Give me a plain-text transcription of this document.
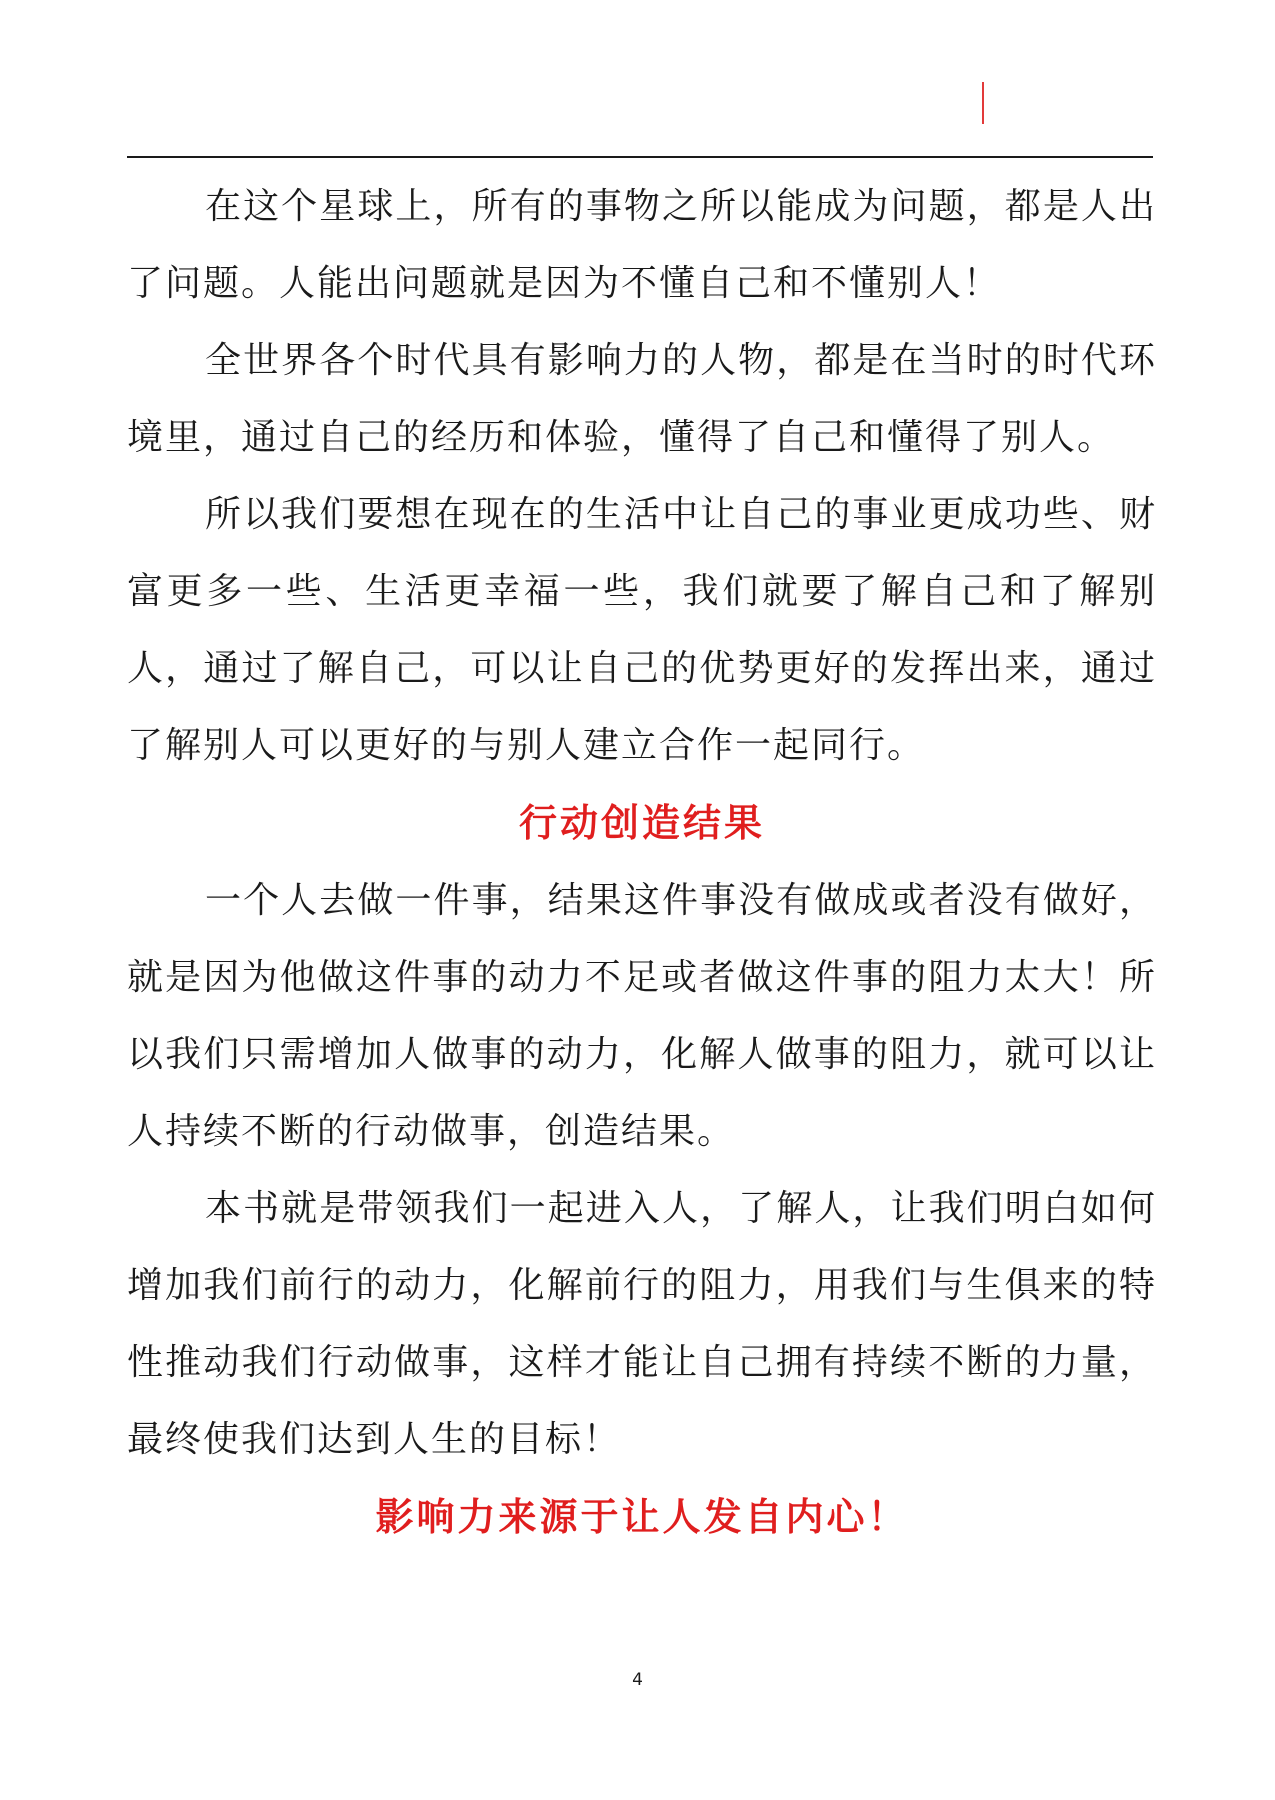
在这个星球上，所有的事物之所以能成为问题，都是人出了问题。人能出问题就是因为不懂自己和不懂别人！

全世界各个时代具有影响力的人物，都是在当时的时代环境里，通过自己的经历和体验，懂得了自己和懂得了别人。

所以我们要想在现在的生活中让自己的事业更成功些、财富更多一些、生活更幸福一些，我们就要了解自己和了解别人，通过了解自己，可以让自己的优势更好的发挥出来，通过了解别人可以更好的与别人建立合作一起同行。

行动创造结果

一个人去做一件事，结果这件事没有做成或者没有做好，就是因为他做这件事的动力不足或者做这件事的阻力太大！所以我们只需增加人做事的动力，化解人做事的阻力，就可以让人持续不断的行动做事，创造结果。

本书就是带领我们一起进入人，了解人，让我们明白如何增加我们前行的动力，化解前行的阻力，用我们与生俱来的特性推动我们行动做事，这样才能让自己拥有持续不断的力量，最终使我们达到人生的目标！

影响力来源于让人发自内心！
4
